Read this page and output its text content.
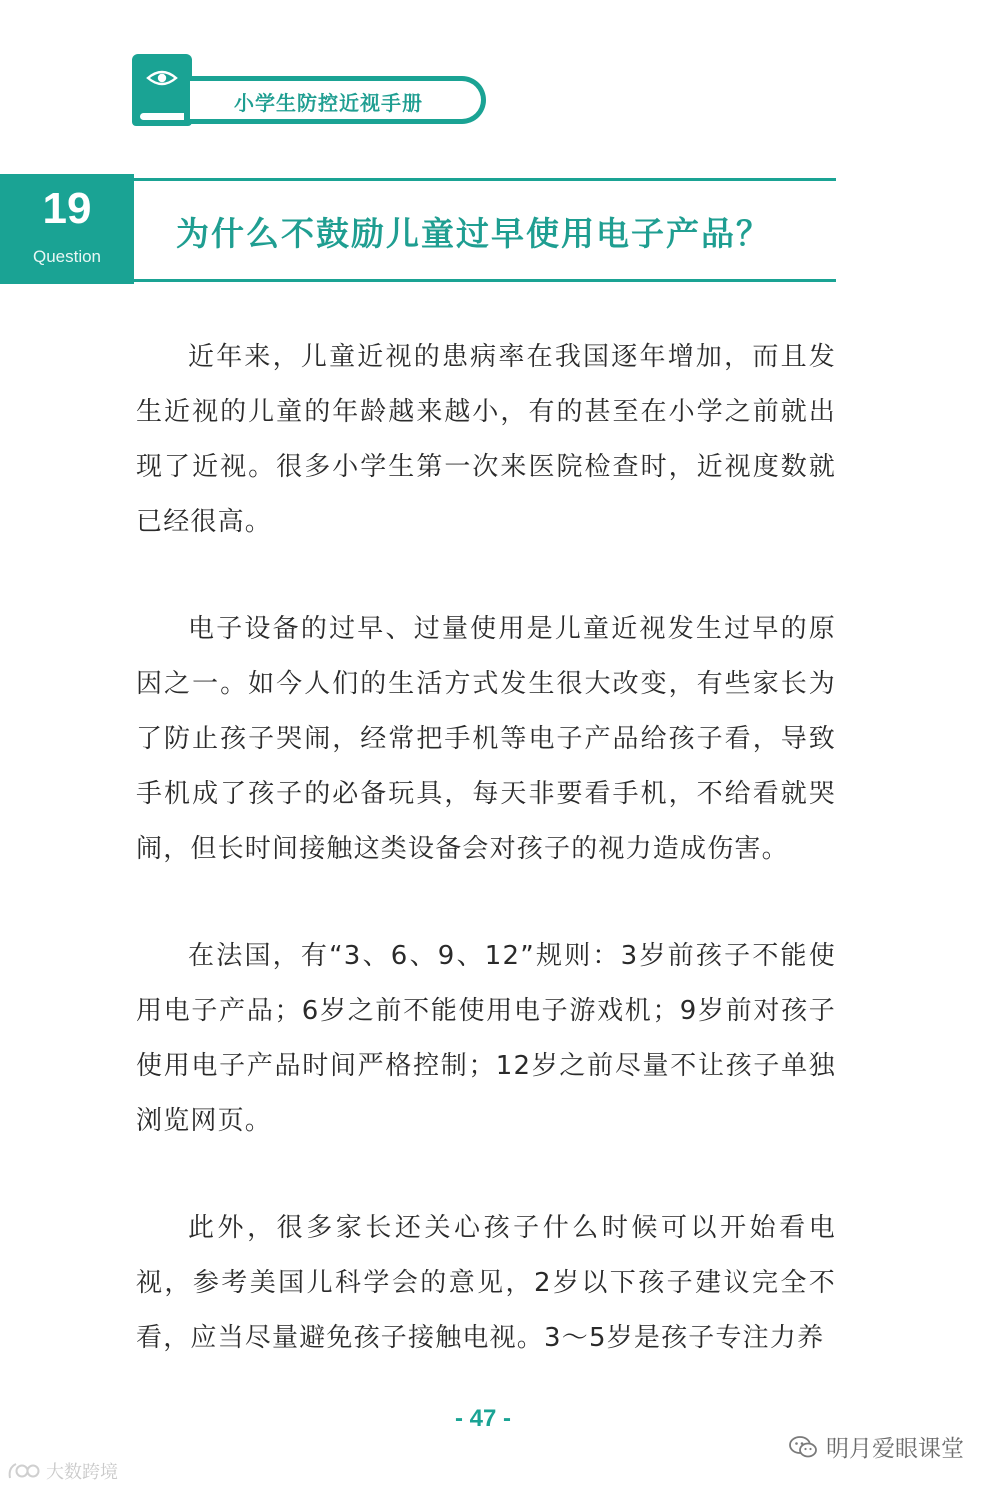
小学生防控近视手册
19
Question
为什么不鼓励儿童过早使用电子产品？

近年来，儿童近视的患病率在我国逐年增加，而且发生近视的儿童的年龄越来越小，有的甚至在小学之前就出现了近视。很多小学生第一次来医院检查时，近视度数就已经很高。

电子设备的过早、过量使用是儿童近视发生过早的原因之一。如今人们的生活方式发生很大改变，有些家长为了防止孩子哭闹，经常把手机等电子产品给孩子看，导致手机成了孩子的必备玩具，每天非要看手机，不给看就哭闹，但长时间接触这类设备会对孩子的视力造成伤害。

在法国，有“3、6、9、12”规则：3岁前孩子不能使用电子产品；6岁之前不能使用电子游戏机；9岁前对孩子使用电子产品时间严格控制；12岁之前尽量不让孩子单独浏览网页。

此外，很多家长还关心孩子什么时候可以开始看电视，参考美国儿科学会的意见，2岁以下孩子建议完全不看，应当尽量避免孩子接触电视。3～5岁是孩子专注力养

- 47 -
明月爱眼课堂
大数跨境
